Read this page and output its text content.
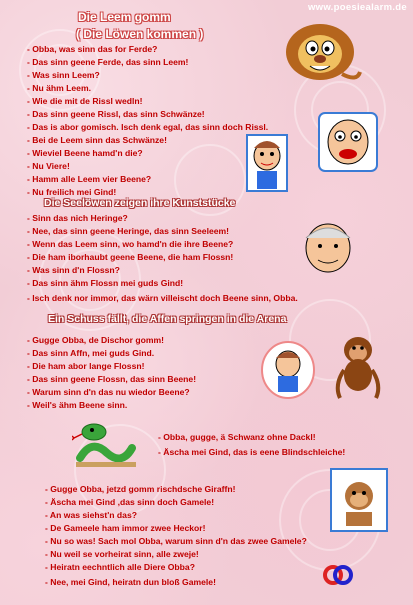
www.poesiealarm.de
Die Leem gomm
( Die Löwen kommen )
- Obba, was sinn das for Ferde?
- Das sinn geene Ferde, das sinn Leem!
- Was sinn Leem?
- Nu ähm Leem.
- Wie die mit de Rissl wedln!
- Das sinn geene Rissl, das sinn Schwänze!
- Das is abor gomisch. Isch denk egal, das sinn doch Rissl.
- Bei de Leem sinn das Schwänze!
- Wieviel Beene hamd'n die?
- Nu Viere!
- Hamm alle Leem vier Beene?
- Nu freilich mei Gind!
Die Seelöwen zeigen ihre Kunststücke
- Sinn das nich Heringe?
- Nee, das sinn geene Heringe, das sinn Seeleem!
- Wenn das Leem sinn, wo hamd'n die ihre Beene?
- Die ham iborhaubt geene Beene, die ham Flossn!
- Was sinn d'n Flossn?
- Das sinn ähm Flossn mei guds Gind!
- Isch denk nor immor, das wärn villeischt doch Beene sinn, Obba.
Ein Schuss fällt, die Affen springen in die Arena
- Gugge Obba, de Dischor gomm!
- Das sinn Affn, mei guds Gind.
- Die ham abor lange Flossn!
- Das sinn geene Flossn, das sinn Beene!
- Warum sinn d'n das nu wiedor Beene?
- Weil's ähm Beene sinn.
- Obba, gugge, ä Schwanz ohne Dackl!
- Äscha mei Gind, das is eene Blindschleiche!
- Gugge Obba, jetzd gomm rischdsche Giraffn!
- Äscha mei Gind ,das sinn doch Gamele!
- An was siehst'n das?
- De Gameele ham immor zwee Heckor!
- Nu so was! Sach mol Obba, warum sinn d'n das zwee Gamele?
- Nu weil se vorheirat sinn, alle zweje!
- Heiratn eechntlich alle Diere Obba?
- Nee, mei Gind, heiratn dun bloß Gamele!
